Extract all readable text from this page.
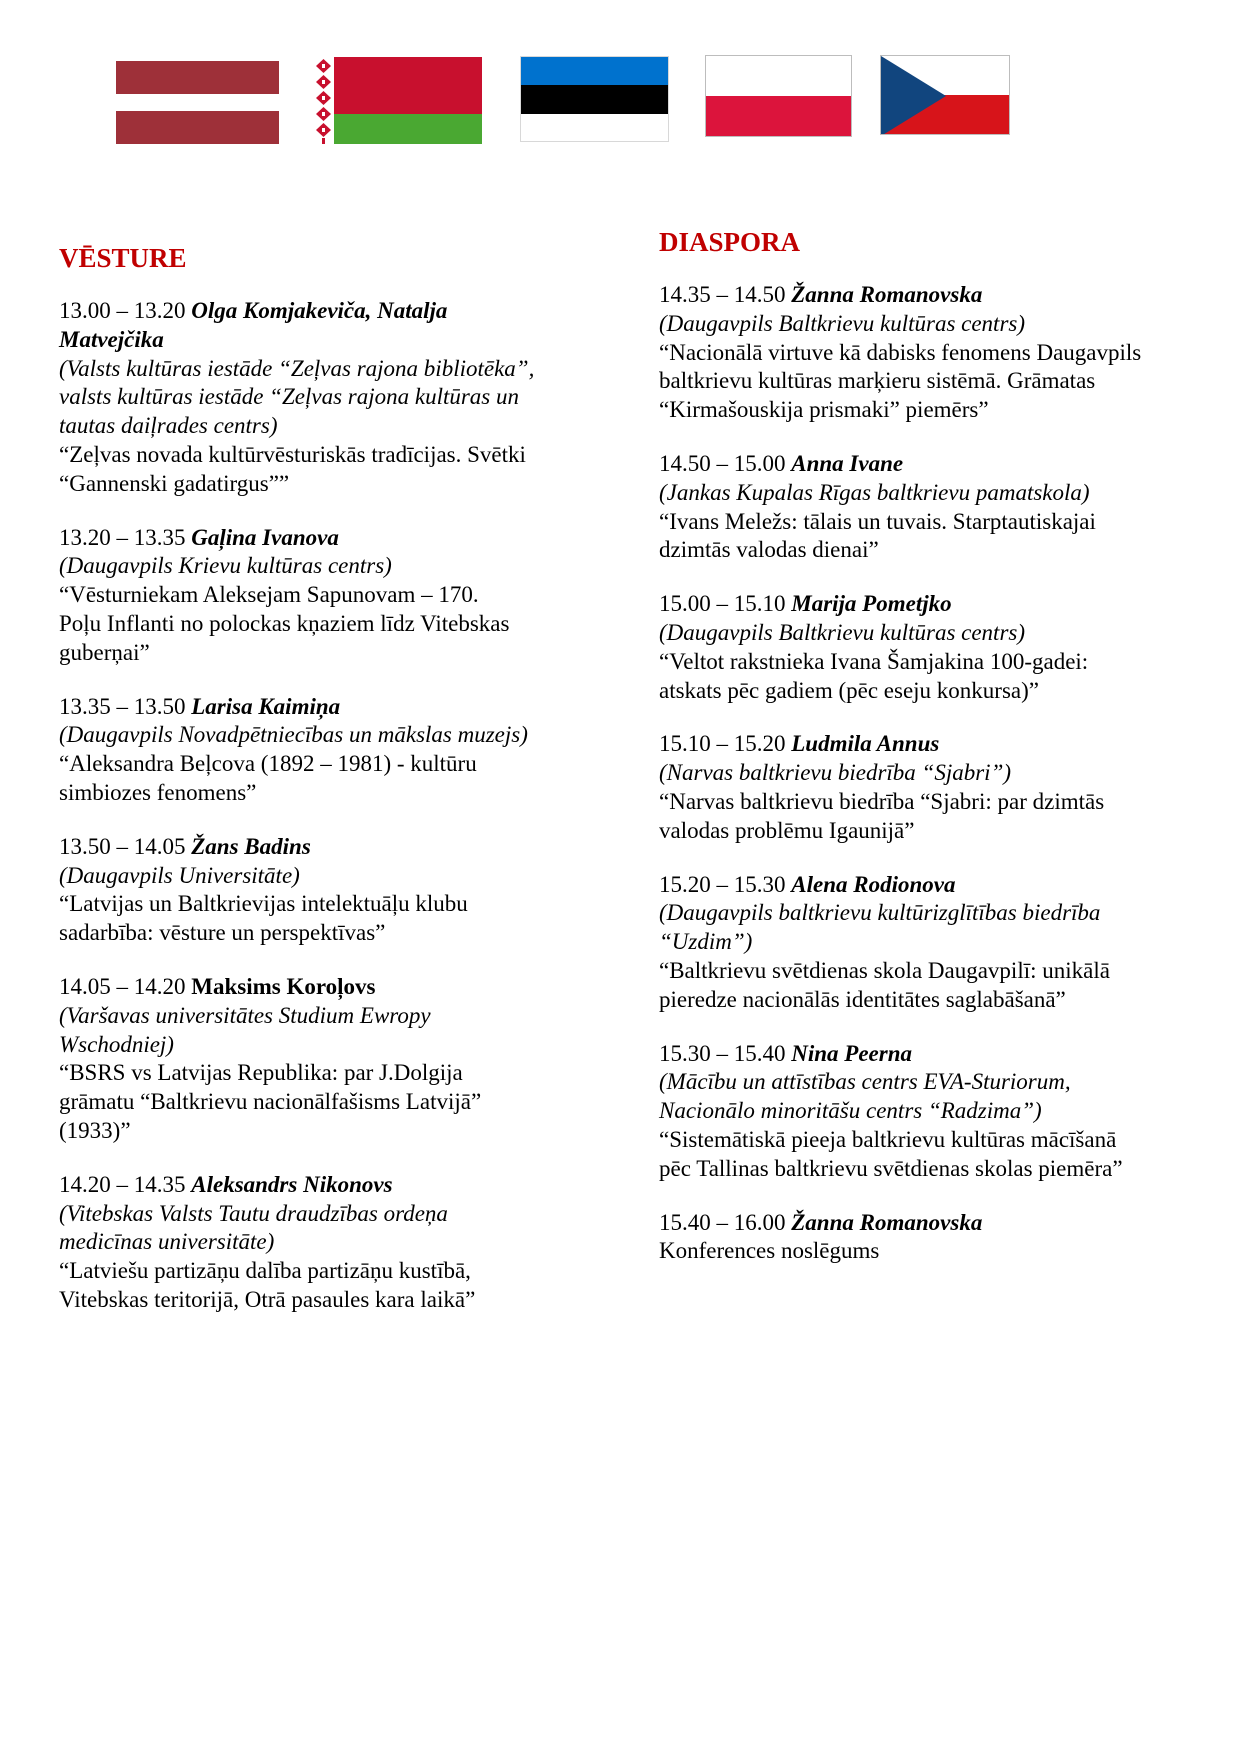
VĒSTURE
13.00 – 13.20 Olga Komjakeviča, Natalja
Matvejčika
(Valsts kultūras iestāde “Zeļvas rajona bibliotēka”,
valsts kultūras iestāde “Zeļvas rajona kultūras un
tautas daiļrades centrs)
“Zeļvas novada kultūrvēsturiskās tradīcijas. Svētki
“Gannenski gadatirgus””
13.20 – 13.35 Gaļina Ivanova
(Daugavpils Krievu kultūras centrs)
“Vēsturniekam Aleksejam Sapunovam – 170.
Poļu Inflanti no polockas kņaziem līdz Vitebskas
guberņai”
13.35 – 13.50 Larisa Kaimiņa
(Daugavpils Novadpētniecības un mākslas muzejs)
“Aleksandra Beļcova (1892 – 1981) - kultūru
simbiozes fenomens”
13.50 – 14.05 Žans Badins
(Daugavpils Universitāte)
“Latvijas un Baltkrievijas intelektuāļu klubu
sadarbība: vēsture un perspektīvas”
14.05 – 14.20 Maksims Koroļovs
(Varšavas universitātes Studium Ewropy
Wschodniej)
“BSRS vs Latvijas Republika: par J.Dolgija
grāmatu “Baltkrievu nacionālfašisms Latvijā”
(1933)”
14.20 – 14.35 Aleksandrs Nikonovs
(Vitebskas Valsts Tautu draudzības ordeņa
medicīnas universitāte)
“Latviešu partizāņu dalība partizāņu kustībā,
Vitebskas teritorijā, Otrā pasaules kara laikā”
DIASPORA
14.35 – 14.50 Žanna Romanovska
(Daugavpils Baltkrievu kultūras centrs)
“Nacionālā virtuve kā dabisks fenomens Daugavpils
baltkrievu kultūras marķieru sistēmā. Grāmatas
“Kirmašouskija prismaki” piemērs”
14.50 – 15.00 Anna Ivane
(Jankas Kupalas Rīgas baltkrievu pamatskola)
“Ivans Meležs: tālais un tuvais. Starptautiskajai
dzimtās valodas dienai”
15.00 – 15.10 Marija Pometjko
(Daugavpils Baltkrievu kultūras centrs)
“Veltot rakstnieka Ivana Šamjakina 100-gadei:
atskats pēc gadiem (pēc eseju konkursa)”
15.10 – 15.20 Ludmila Annus
(Narvas baltkrievu biedrība “Sjabri”)
“Narvas baltkrievu biedrība “Sjabri: par dzimtās
valodas problēmu Igaunijā”
15.20 – 15.30 Alena Rodionova
(Daugavpils baltkrievu kultūrizglītības biedrība
“Uzdim”)
“Baltkrievu svētdienas skola Daugavpilī: unikālā
pieredze nacionālās identitātes saglabāšanā”
15.30 – 15.40 Nina Peerna
(Mācību un attīstības centrs EVA-Sturiorum,
Nacionālo minoritāšu centrs “Radzima”)
“Sistemātiskā pieeja baltkrievu kultūras mācīšanā
pēc Tallinas baltkrievu svētdienas skolas piemēra”
15.40 – 16.00 Žanna Romanovska
Konferences noslēgums
